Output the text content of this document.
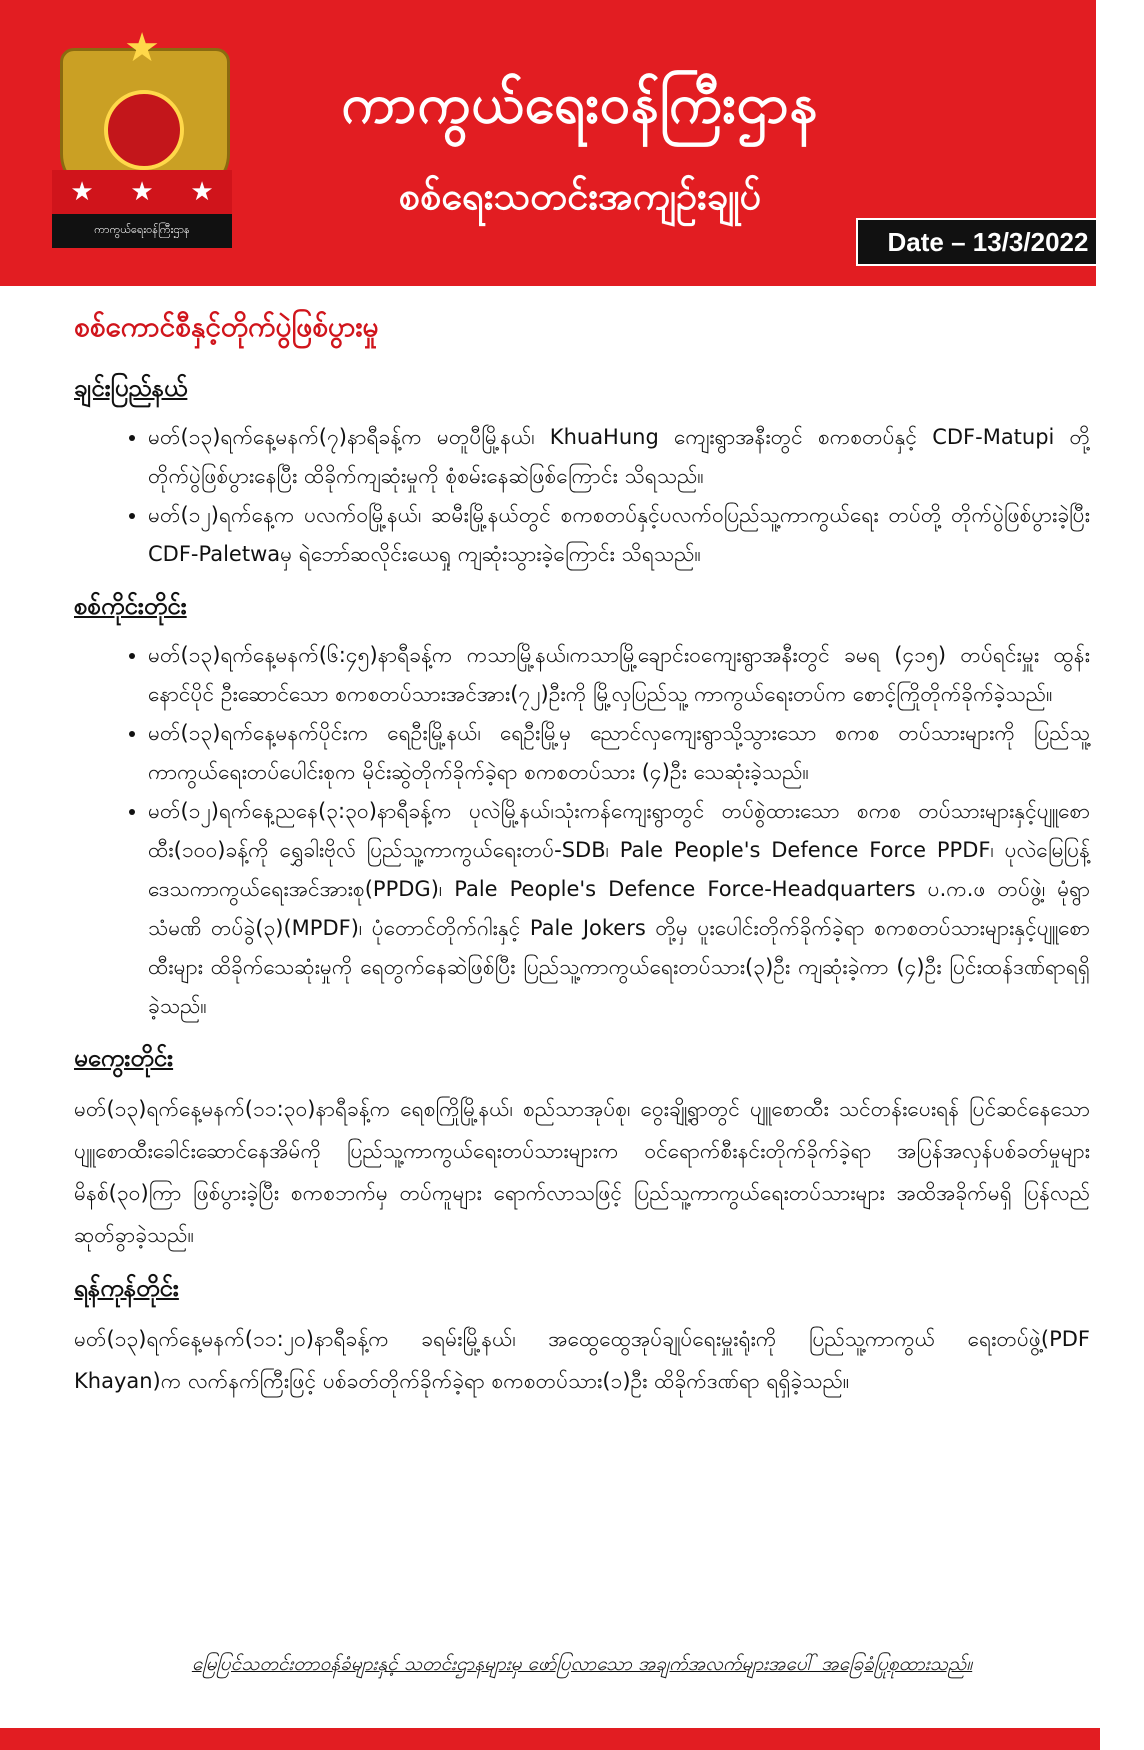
★
★ ★ ★
ကာကွယ်ရေးဝန်ကြီးဌာန
ကာကွယ်ရေးဝန်ကြီးဌာန
စစ်ရေးသတင်းအကျဉ်းချုပ်
Date – 13/3/2022
စစ်ကောင်စီနှင့်တိုက်ပွဲဖြစ်ပွားမှု
ချင်းပြည်နယ်
• မတ်(၁၃)ရက်နေ့မနက်(၇)နာရီခန့်က မတူပီမြို့နယ်၊ KhuaHung ကျေးရွာအနီးတွင် စကစတပ်နှင့် CDF-Matupi တို့တိုက်ပွဲဖြစ်ပွားနေပြီး ထိခိုက်ကျဆုံးမှုကို စုံစမ်းနေဆဲဖြစ်ကြောင်း သိရသည်။
• မတ်(၁၂)ရက်နေ့က ပလက်ဝမြို့နယ်၊ ဆမီးမြို့နယ်တွင် စကစတပ်နှင့်ပလက်ဝပြည်သူ့ကာကွယ်ရေး တပ်တို့ တိုက်ပွဲဖြစ်ပွားခဲ့ပြီး CDF-Paletwaမှ ရဲဘော်ဆလိုင်းယေရှု ကျဆုံးသွားခဲ့ကြောင်း သိရသည်။
စစ်ကိုင်းတိုင်း
• မတ်(၁၃)ရက်နေ့မနက်(၆:၄၅)နာရီခန့်က ကသာမြို့နယ်၊ကသာမြို့ချောင်းဝကျေးရွာအနီးတွင် ခမရ (၄၁၅) တပ်ရင်းမှူး ထွန်းနောင်ပိုင် ဦးဆောင်သော စကစတပ်သားအင်အား(၇၂)ဦးကို မြို့လှပြည်သူ့ ကာကွယ်ရေးတပ်က စောင့်ကြိုတိုက်ခိုက်ခဲ့သည်။
• မတ်(၁၃)ရက်နေ့မနက်ပိုင်းက ရေဦးမြို့နယ်၊ ရေဦးမြို့မှ ညောင်လှကျေးရွာသို့သွားသော စကစ တပ်သားများကို ပြည်သူ့ကာကွယ်ရေးတပ်ပေါင်းစုက မိုင်းဆွဲတိုက်ခိုက်ခဲ့ရာ စကစတပ်သား (၄)ဦး သေဆုံးခဲ့သည်။
• မတ်(၁၂)ရက်နေ့ညနေ(၃:၃၀)နာရီခန့်က ပုလဲမြို့နယ်၊သုံးကန်ကျေးရွာတွင် တပ်စွဲထားသော စကစ တပ်သားများနှင့်ပျူစောထီး(၁၀၀)ခန့်ကို ရွှေခါးဗိုလ် ပြည်သူ့ကာကွယ်ရေးတပ်-SDB၊ Pale People's Defence Force PPDF၊ ပုလဲမြေပြန့်ဒေသကာကွယ်ရေးအင်အားစု(PPDG)၊ Pale People's Defence Force-Headquarters ပ.က.ဖ တပ်ဖွဲ့၊ မုံရွာ သံမဏိ တပ်ခွဲ(၃)(MPDF)၊ ပုံတောင်တိုက်ဂါးနှင့် Pale Jokers တို့မှ ပူးပေါင်းတိုက်ခိုက်ခဲ့ရာ စကစတပ်သားများနှင့်ပျူစောထီးများ ထိခိုက်သေဆုံးမှုကို ရေတွက်နေဆဲဖြစ်ပြီး ပြည်သူ့ကာကွယ်ရေးတပ်သား(၃)ဦး ကျဆုံးခဲ့ကာ (၄)ဦး ပြင်းထန်ဒဏ်ရာရရှိ ခဲ့သည်။
မကွေးတိုင်း

မတ်(၁၃)ရက်နေ့မနက်(၁၁:၃၀)နာရီခန့်က ရေစကြိုမြို့နယ်၊ စည်သာအုပ်စု၊ ဝွေးချို့ရွာတွင် ပျူစောထီး သင်တန်းပေးရန် ပြင်ဆင်နေသော ပျူစောထီးခေါင်းဆောင်နေအိမ်ကို ပြည်သူ့ကာကွယ်ရေးတပ်သားများက ဝင်ရောက်စီးနင်းတိုက်ခိုက်ခဲ့ရာ အပြန်အလှန်ပစ်ခတ်မှုများ မိနစ်(၃၀)ကြာ ဖြစ်ပွားခဲ့ပြီး စကစဘက်မှ တပ်ကူများ ရောက်လာသဖြင့် ပြည်သူ့ကာကွယ်ရေးတပ်သားများ အထိအခိုက်မရှိ ပြန်လည်ဆုတ်ခွာခဲ့သည်။

ရန်ကုန်တိုင်း

မတ်(၁၃)ရက်နေ့မနက်(၁၁:၂၀)နာရီခန့်က ခရမ်းမြို့နယ်၊ အထွေထွေအုပ်ချုပ်ရေးမှူးရုံးကို ပြည်သူ့ကာကွယ် ရေးတပ်ဖွဲ့(PDF Khayan)က လက်နက်ကြီးဖြင့် ပစ်ခတ်တိုက်ခိုက်ခဲ့ရာ စကစတပ်သား(၁)ဦး ထိခိုက်ဒဏ်ရာ ရရှိခဲ့သည်။

မြေပြင်သတင်းတာဝန်ခံများနှင့် သတင်းဌာနများမှ ဖော်ပြလာသော အချက်အလက်များအပေါ် အခြေခံပြုစုထားသည်။
